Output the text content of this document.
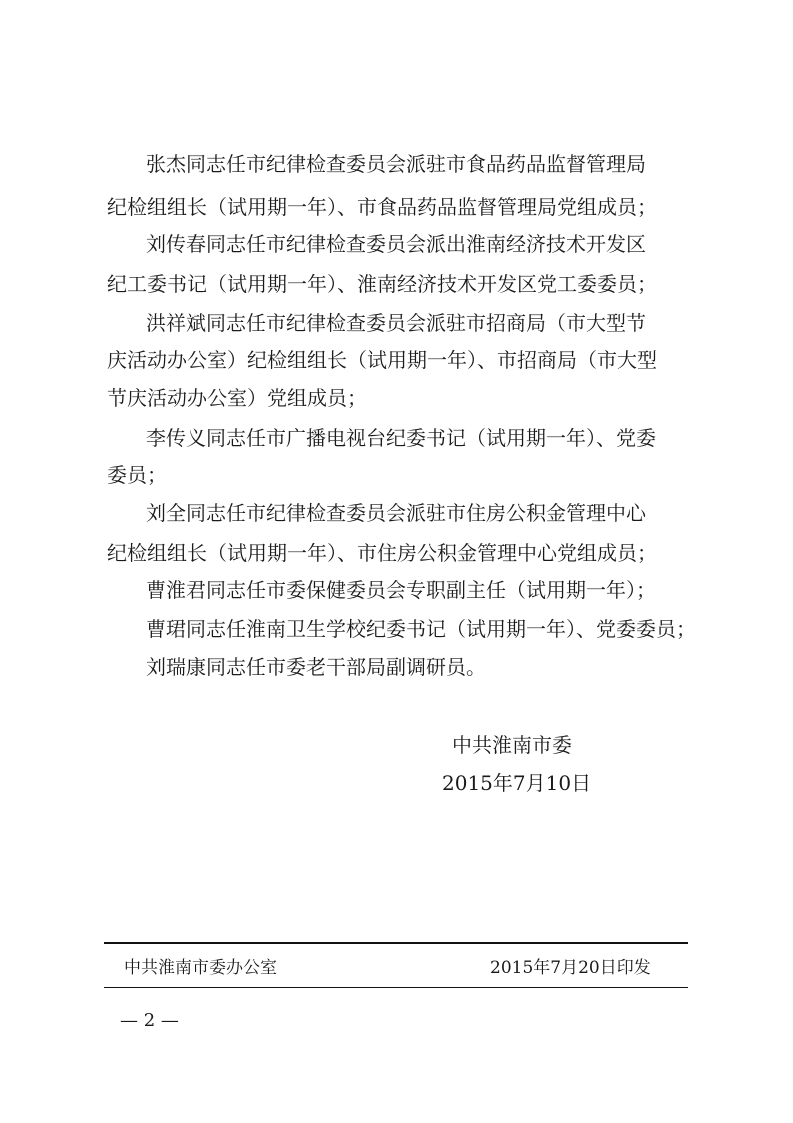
张杰同志任市纪律检查委员会派驻市食品药品监督管理局
纪检组组长（试用期一年）、市食品药品监督管理局党组成员；
刘传春同志任市纪律检查委员会派出淮南经济技术开发区
纪工委书记（试用期一年）、淮南经济技术开发区党工委委员；
洪祥斌同志任市纪律检查委员会派驻市招商局（市大型节
庆活动办公室）纪检组组长（试用期一年）、市招商局（市大型
节庆活动办公室）党组成员；
李传义同志任市广播电视台纪委书记（试用期一年）、党委
委员；
刘全同志任市纪律检查委员会派驻市住房公积金管理中心
纪检组组长（试用期一年）、市住房公积金管理中心党组成员；
曹淮君同志任市委保健委员会专职副主任（试用期一年）；
曹珺同志任淮南卫生学校纪委书记（试用期一年）、党委委员；
刘瑞康同志任市委老干部局副调研员。
中共淮南市委
2015年7月10日
中共淮南市委办公室	2015年7月20日印发
— 2 —
